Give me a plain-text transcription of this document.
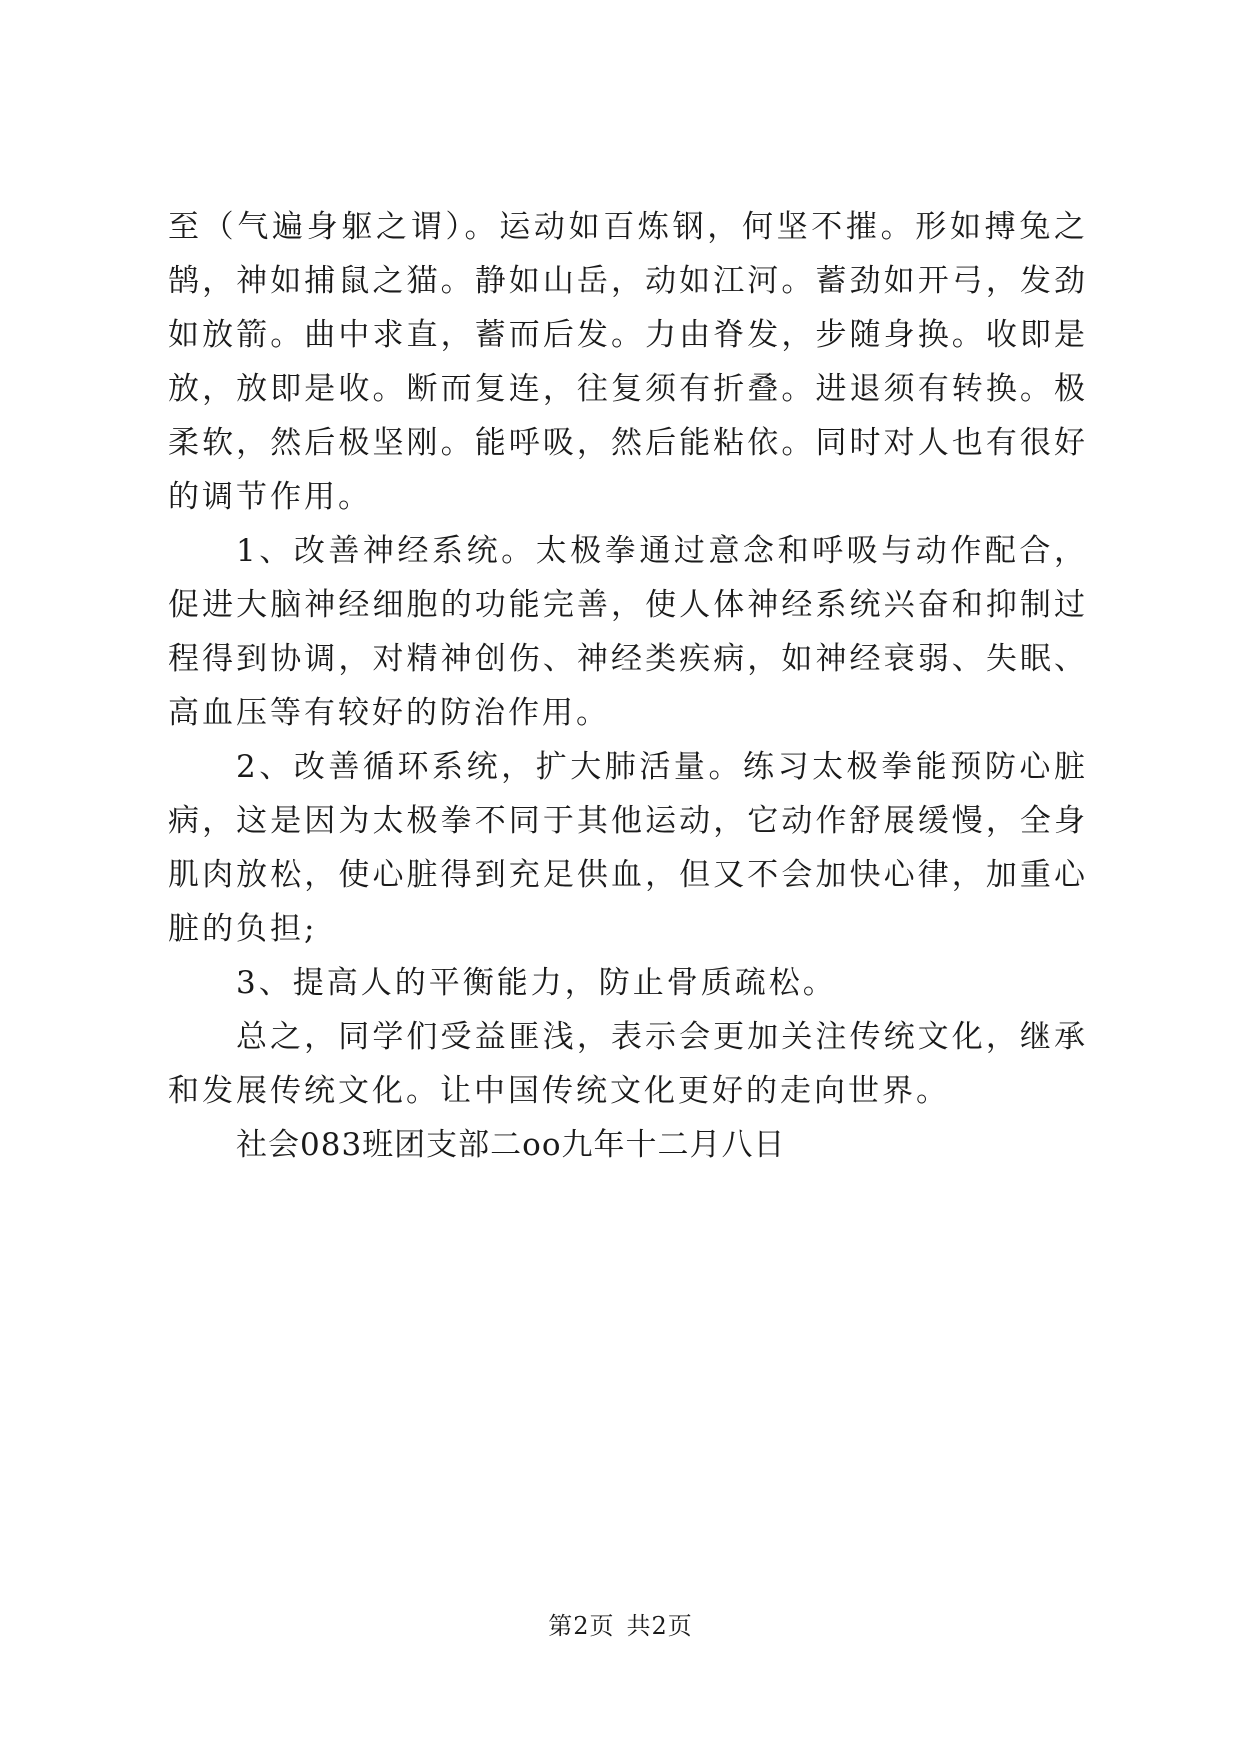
至（气遍身躯之谓）。运动如百炼钢，何坚不摧。形如搏兔之鹄，神如捕鼠之猫。静如山岳，动如江河。蓄劲如开弓，发劲如放箭。曲中求直，蓄而后发。力由脊发，步随身换。收即是放，放即是收。断而复连，往复须有折叠。进退须有转换。极柔软，然后极坚刚。能呼吸，然后能粘依。同时对人也有很好的调节作用。

1、改善神经系统。太极拳通过意念和呼吸与动作配合，促进大脑神经细胞的功能完善，使人体神经系统兴奋和抑制过程得到协调，对精神创伤、神经类疾病，如神经衰弱、失眠、高血压等有较好的防治作用。

2、改善循环系统，扩大肺活量。练习太极拳能预防心脏病，这是因为太极拳不同于其他运动，它动作舒展缓慢，全身肌肉放松，使心脏得到充足供血，但又不会加快心律，加重心脏的负担;

3、提高人的平衡能力，防止骨质疏松。

总之，同学们受益匪浅，表示会更加关注传统文化，继承和发展传统文化。让中国传统文化更好的走向世界。

社会083班团支部二oo九年十二月八日

第2页 共2页
